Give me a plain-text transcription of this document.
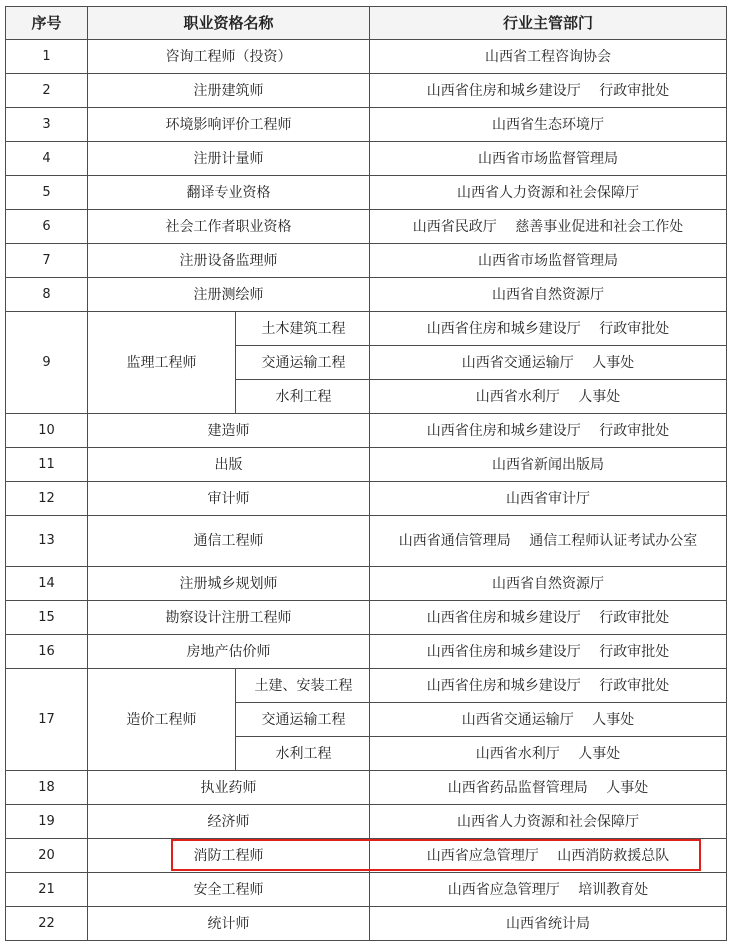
序号	职业资格名称		行业主管部门
1	咨询工程师（投资）		山西省工程咨询协会
2	注册建筑师		山西省住房和城乡建设厅　 行政审批处
3	环境影响评价工程师		山西省生态环境厅
4	注册计量师		山西省市场监督管理局
5	翻译专业资格		山西省人力资源和社会保障厅
6	社会工作者职业资格		山西省民政厅　 慈善事业促进和社会工作处
7	注册设备监理师		山西省市场监督管理局
8	注册测绘师		山西省自然资源厅
9	监理工程师	土木建筑工程	山西省住房和城乡建设厅　 行政审批处
		交通运输工程	山西省交通运输厅　 人事处
		水利工程	山西省水利厅　 人事处
10	建造师		山西省住房和城乡建设厅　 行政审批处
11	出版		山西省新闻出版局
12	审计师		山西省审计厅
13	通信工程师		山西省通信管理局　 通信工程师认证考试办公室
14	注册城乡规划师		山西省自然资源厅
15	勘察设计注册工程师		山西省住房和城乡建设厅　 行政审批处
16	房地产估价师		山西省住房和城乡建设厅　 行政审批处
17	造价工程师	土建、安装工程	山西省住房和城乡建设厅　 行政审批处
		交通运输工程	山西省交通运输厅　 人事处
		水利工程	山西省水利厅　 人事处
18	执业药师		山西省药品监督管理局　 人事处
19	经济师		山西省人力资源和社会保障厅
20	消防工程师		山西省应急管理厅　 山西消防救援总队
21	安全工程师		山西省应急管理厅　 培训教育处
22	统计师		山西省统计局
